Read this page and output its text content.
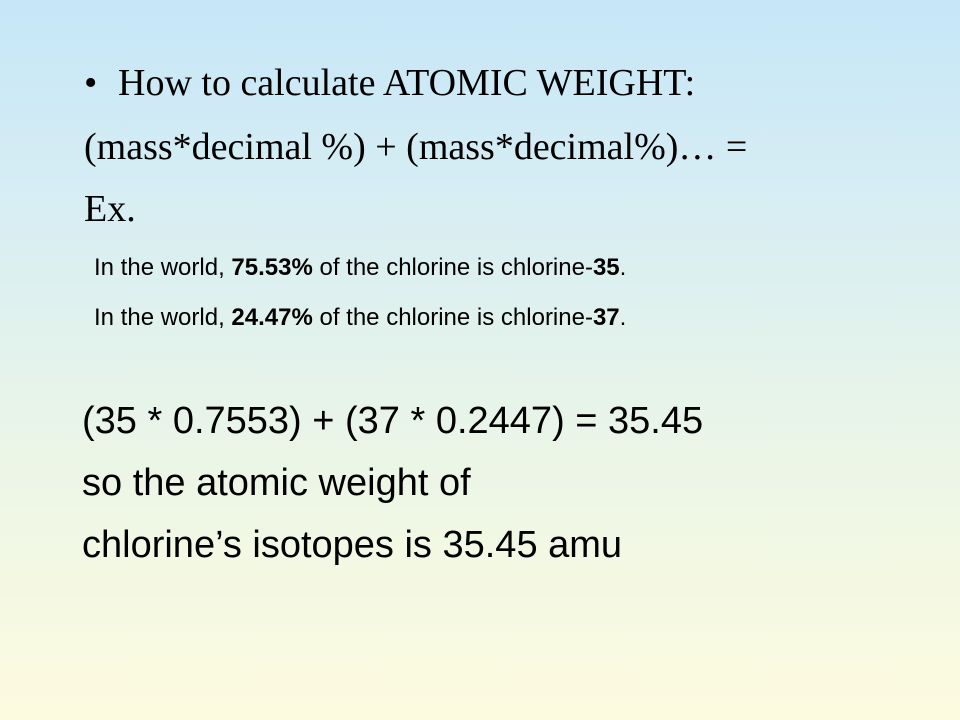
• How to calculate ATOMIC WEIGHT:
(mass*decimal %) + (mass*decimal%)… =
Ex.
In the world, 75.53% of the chlorine is chlorine-35.
In the world, 24.47% of the chlorine is chlorine-37.
(35 * 0.7553) + (37 * 0.2447) = 35.45
so the atomic weight of
chlorine’s isotopes is 35.45 amu
